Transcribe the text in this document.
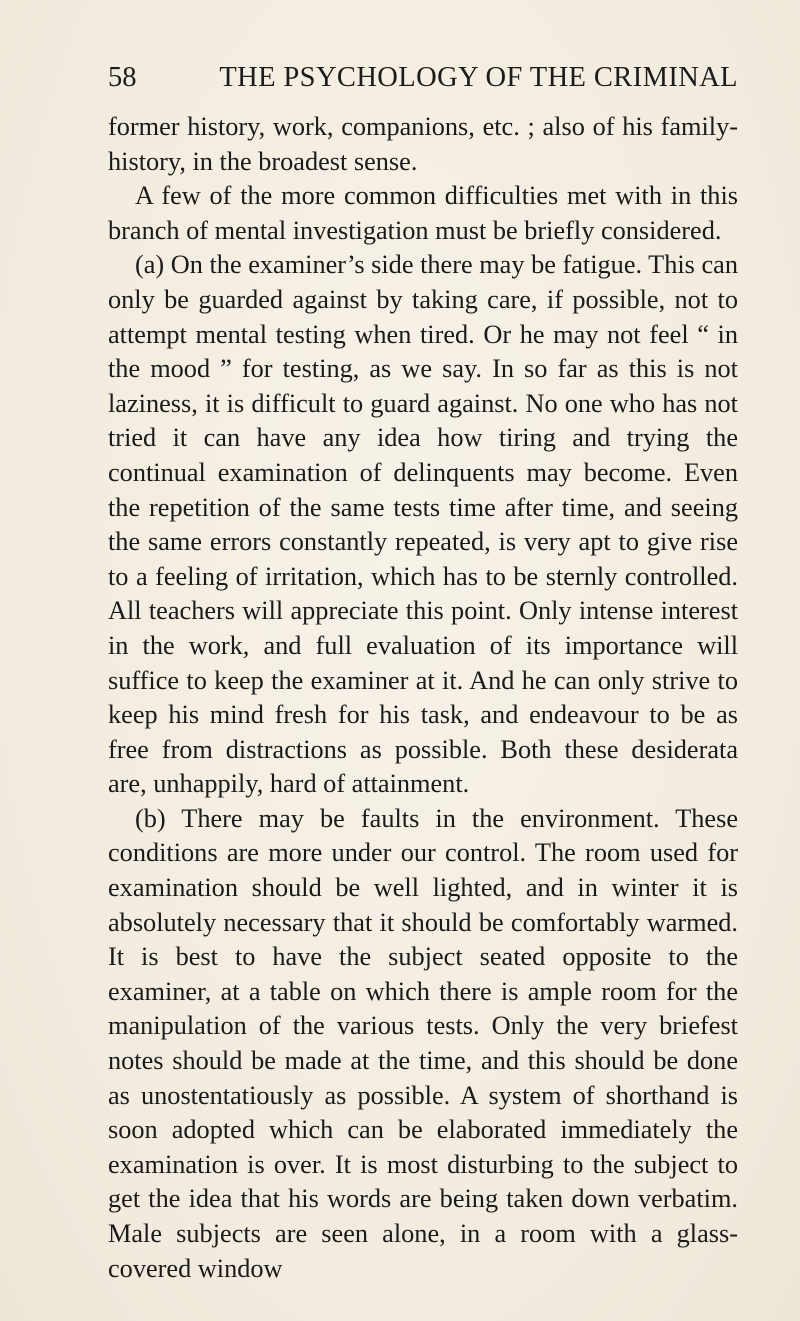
58	THE PSYCHOLOGY OF THE CRIMINAL

former history, work, companions, etc. ; also of his family-history, in the broadest sense.

A few of the more common difficulties met with in this branch of mental investigation must be briefly considered.

(a) On the examiner’s side there may be fatigue. This can only be guarded against by taking care, if possible, not to attempt mental testing when tired. Or he may not feel “ in the mood ” for testing, as we say. In so far as this is not laziness, it is difficult to guard against. No one who has not tried it can have any idea how tiring and trying the continual examination of delinquents may become. Even the repetition of the same tests time after time, and seeing the same errors constantly repeated, is very apt to give rise to a feeling of irritation, which has to be sternly controlled. All teachers will appreciate this point. Only intense interest in the work, and full evaluation of its importance will suffice to keep the examiner at it. And he can only strive to keep his mind fresh for his task, and endeavour to be as free from distractions as possible. Both these desiderata are, unhappily, hard of attainment.

(b) There may be faults in the environment. These conditions are more under our control. The room used for examination should be well lighted, and in winter it is absolutely necessary that it should be comfortably warmed. It is best to have the subject seated opposite to the examiner, at a table on which there is ample room for the manipulation of the various tests. Only the very briefest notes should be made at the time, and this should be done as unostentatiously as possible. A system of shorthand is soon adopted which can be elaborated immediately the examination is over. It is most disturbing to the subject to get the idea that his words are being taken down verbatim. Male subjects are seen alone, in a room with a glass-covered window
